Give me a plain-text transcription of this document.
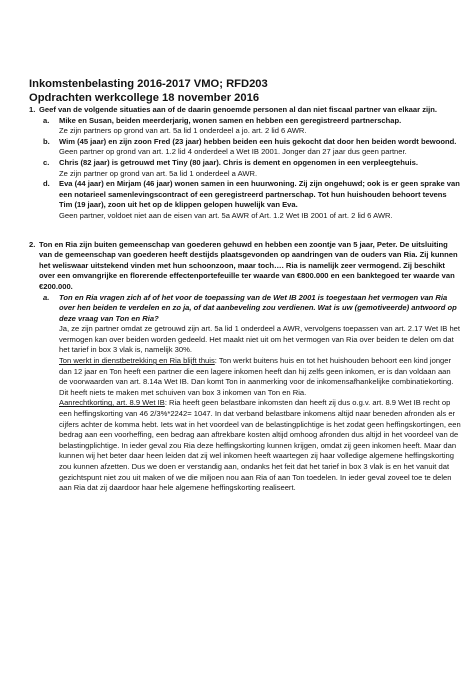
Inkomstenbelasting 2016-2017 VMO; RFD203

Opdrachten werkcollege 18 november 2016

1. Geef van de volgende situaties aan of de daarin genoemde personen al dan niet fiscaal partner van elkaar zijn.

a.	Mike en Susan, beiden meerderjarig, wonen samen en hebben een geregistreerd partnerschap.

Ze zijn partners op grond van art. 5a lid 1 onderdeel a jo. art. 2 lid 6 AWR.

b.	Wim (45 jaar) en zijn zoon Fred (23 jaar) hebben beiden een huis gekocht dat door hen beiden wordt bewoond.

Geen partner op grond van art. 1.2 lid 4 onderdeel a Wet IB 2001. Jonger dan 27 jaar dus geen partner.

c.	Chris (82 jaar) is getrouwd met Tiny (80 jaar). Chris is dement en opgenomen in een verpleegtehuis.

Ze zijn partner op grond van art. 5a lid 1 onderdeel a AWR.

d.	Eva (44 jaar) en Mirjam (46 jaar) wonen samen in een huurwoning. Zij zijn ongehuwd; ook is er geen sprake van een notarieel samenlevingscontract of een geregistreerd partnerschap. Tot hun huishouden behoort tevens Tim (19 jaar), zoon uit het op de klippen gelopen huwelijk van Eva.

Geen partner, voldoet niet aan de eisen van art. 5a AWR of Art. 1.2 Wet IB 2001 of art. 2 lid 6 AWR.

2. Ton en Ria zijn buiten gemeenschap van goederen gehuwd en hebben een zoontje van 5 jaar, Peter. De uitsluiting van de gemeenschap van goederen heeft destijds plaatsgevonden op aandringen van de ouders van Ria. Zij kunnen het weliswaar uitstekend vinden met hun schoonzoon, maar toch…. Ria is namelijk zeer vermogend. Zij beschikt over een omvangrijke en florerende effectenportefeuille ter waarde van €800.000 en een banktegoed ter waarde van €200.000.

a.	Ton en Ria vragen zich af of het voor de toepassing van de Wet IB 2001 is toegestaan het vermogen van Ria over hen beiden te verdelen en zo ja, of dat aanbeveling zou verdienen. Wat is uw (gemotiveerde) antwoord op deze vraag van Ton en Ria?

Ja, ze zijn partner omdat ze getrouwd zijn art. 5a lid 1 onderdeel a AWR, vervolgens toepassen van art. 2.17 Wet IB het vermogen kan over beiden worden gedeeld. Het maakt niet uit om het vermogen van Ria over beiden te delen om dat het tarief in box 3 vlak is, namelijk 30%.

Ton werkt in dienstbetrekking en Ria blijft thuis: Ton werkt buitens huis en tot het huishouden behoort een kind jonger dan 12 jaar en Ton heeft een partner die een lagere inkomen heeft dan hij zelfs geen inkomen, er is dan voldaan aan de voorwaarden van art. 8.14a Wet IB. Dan komt Ton in aanmerking voor de inkomensafhankelijke combinatiekorting. Dit heeft niets te maken met schuiven van box 3 inkomen van Ton en Ria.

Aanrechtkorting, art. 8.9 Wet IB: Ria heeft geen belastbare inkomsten dan heeft zij dus o.g.v. art. 8.9 Wet IB recht op een heffingskorting van 46 2/3%*2242= 1047. In dat verband belastbare inkomens altijd naar beneden afronden als er cijfers achter de komma hebt. Iets wat in het voordeel van de belastingplichtige is het zodat geen heffingskortingen, een bedrag aan een voorheffing, een bedrag aan aftrekbare kosten altijd omhoog afronden dus altijd in het voordeel van de belastingplichtige. In ieder geval zou Ria deze heffingskorting kunnen krijgen, omdat zij geen inkomen heeft. Maar dan kunnen wij het beter daar heen leiden dat zij wel inkomen heeft waartegen zij haar volledige algemene heffingskorting zou kunnen afzetten. Dus we doen er verstandig aan, ondanks het feit dat het tarief in box 3 vlak is en het vanuit dat gezichtspunt niet zou uit maken of we die miljoen nou aan Ria of aan Ton toedelen. In ieder geval zoveel toe te delen aan Ria dat zij daardoor haar hele algemene heffingskorting realiseert.
